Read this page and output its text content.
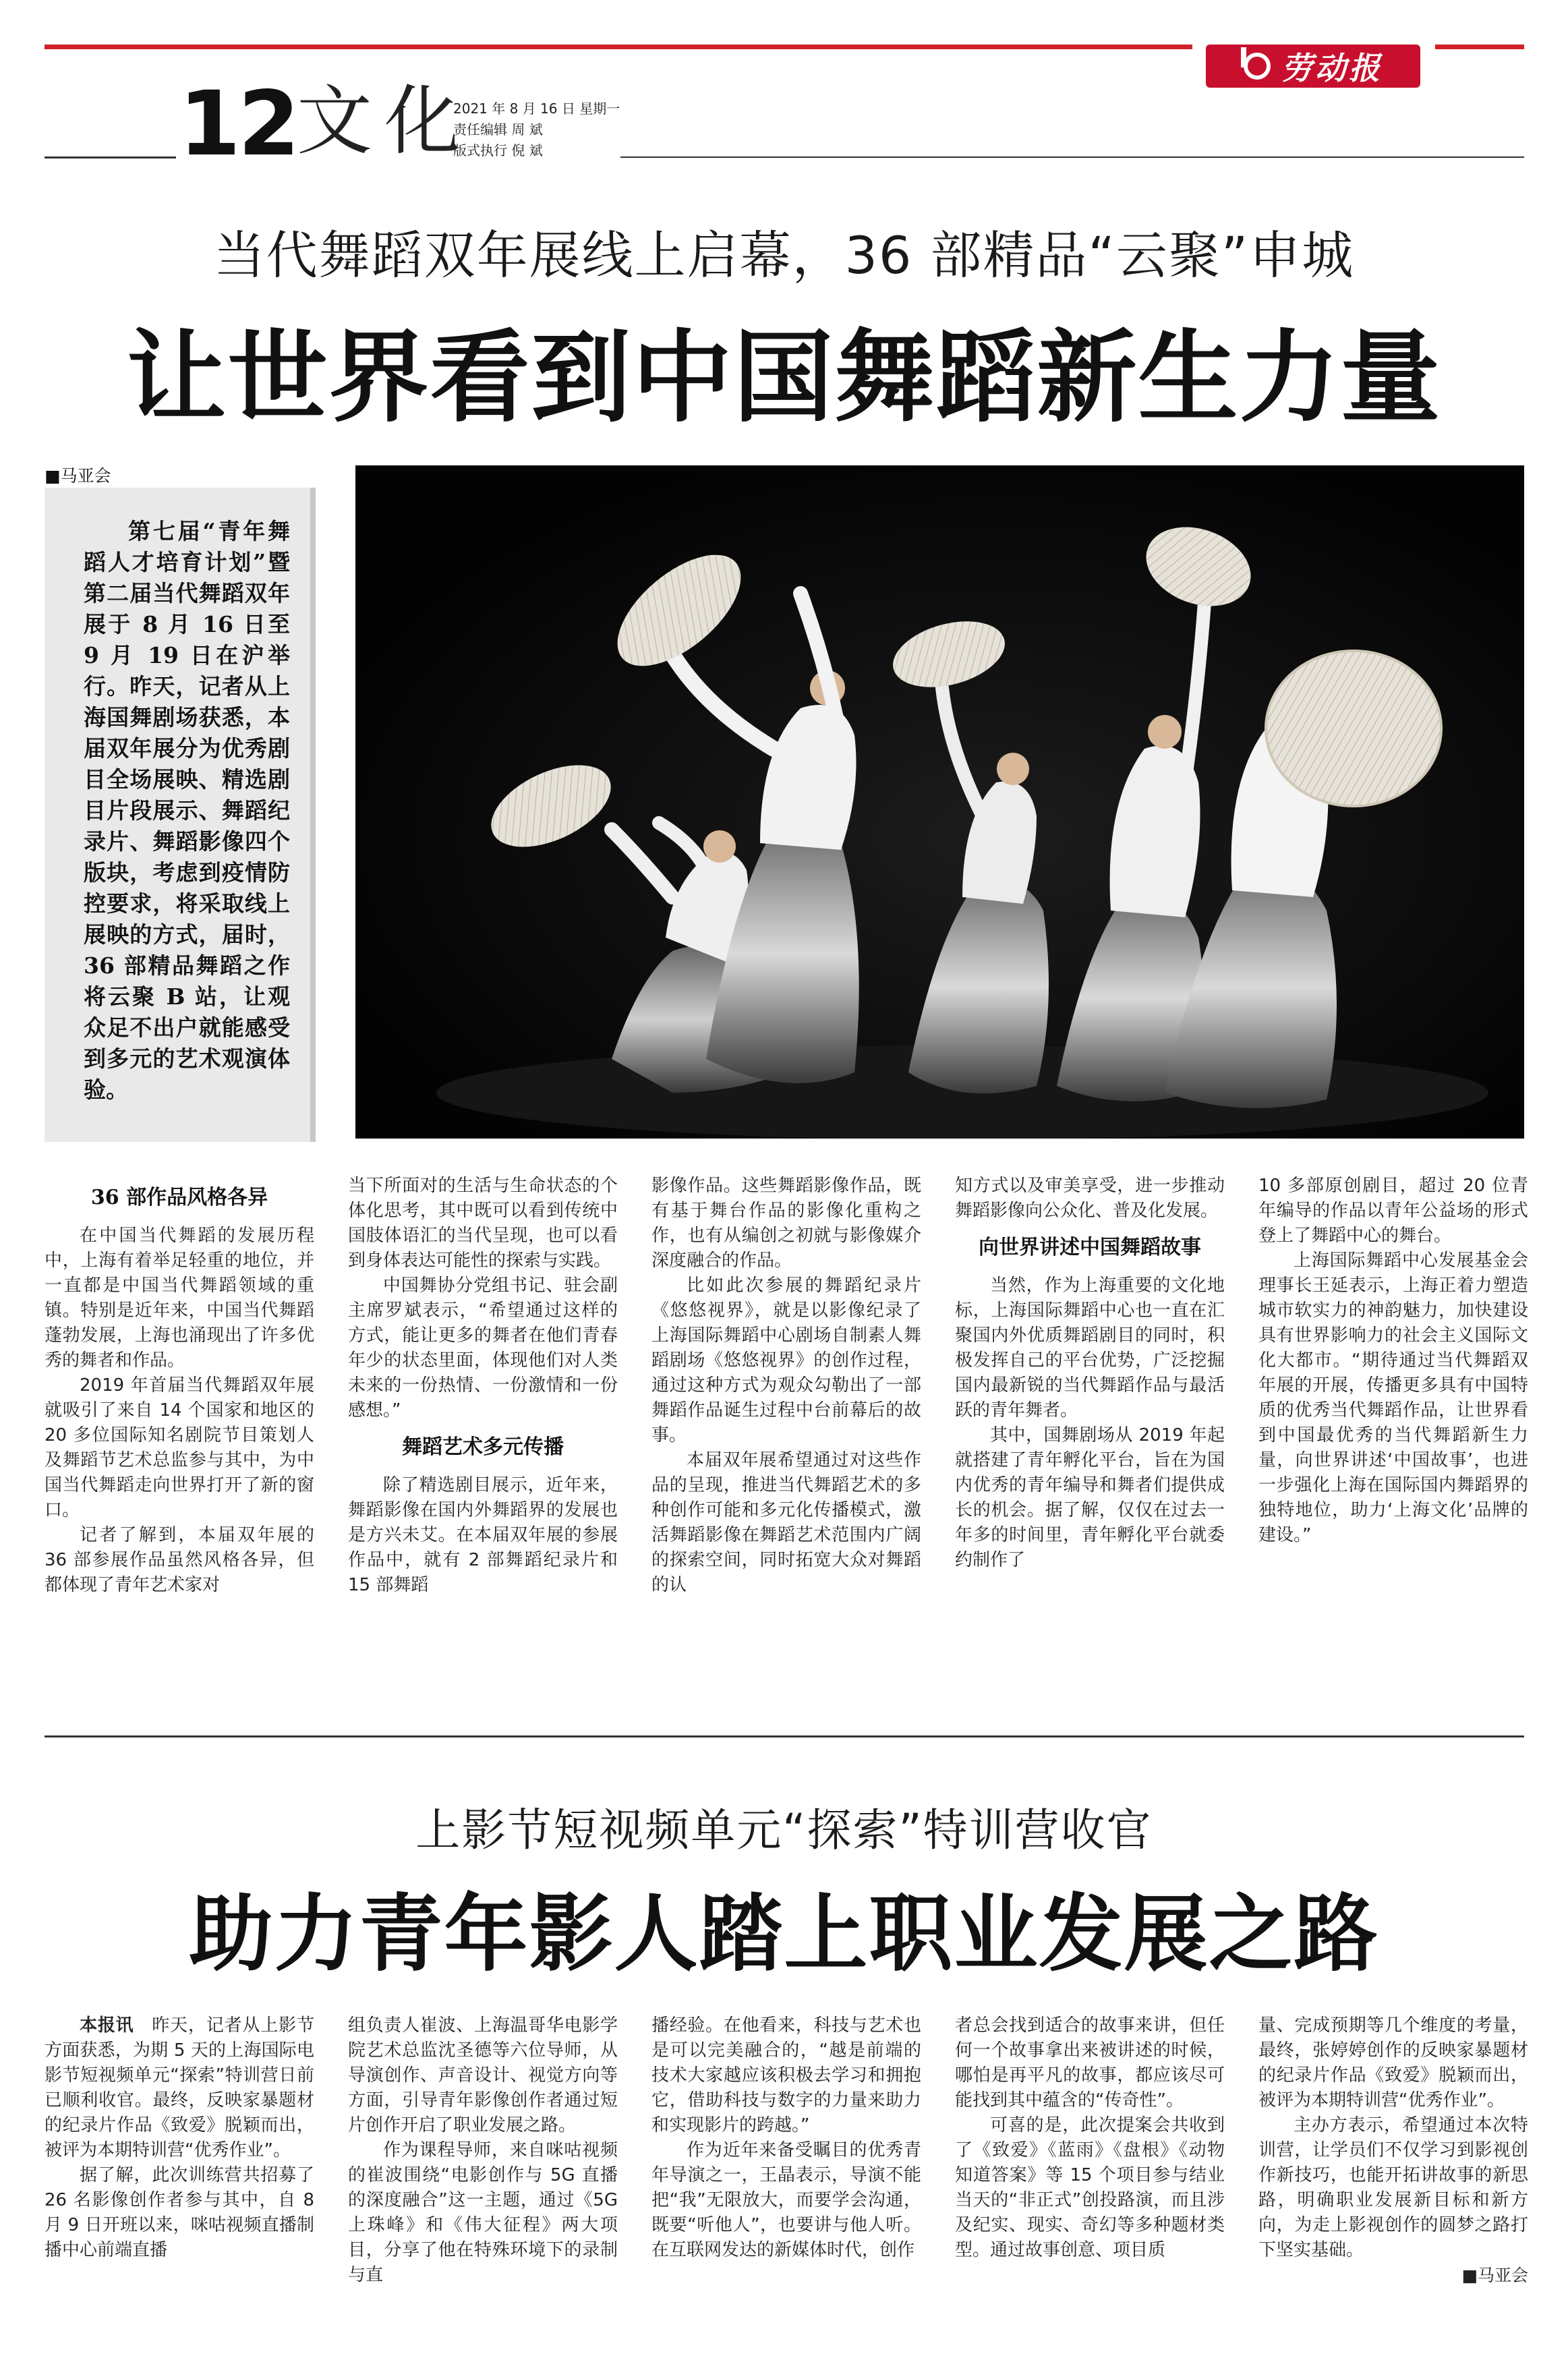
劳动报
12 文化
2021 年 8 月 16 日 星期一
责任编辑 周 斌
版式执行 倪 斌
当代舞蹈双年展线上启幕，36 部精品“云聚”申城
让世界看到中国舞蹈新生力量
■马亚会

第七届“青年舞蹈人才培育计划”暨第二届当代舞蹈双年展于 8 月 16 日至 9 月 19 日在沪举行。昨天，记者从上海国舞剧场获悉，本届双年展分为优秀剧目全场展映、精选剧目片段展示、舞蹈纪录片、舞蹈影像四个版块，考虑到疫情防控要求，将采取线上展映的方式，届时，36 部精品舞蹈之作将云聚 B 站，让观众足不出户就能感受到多元的艺术观演体验。

36 部作品风格各异

在中国当代舞蹈的发展历程中，上海有着举足轻重的地位，并一直都是中国当代舞蹈领域的重镇。特别是近年来，中国当代舞蹈蓬勃发展，上海也涌现出了许多优秀的舞者和作品。

2019 年首届当代舞蹈双年展就吸引了来自 14 个国家和地区的 20 多位国际知名剧院节目策划人及舞蹈节艺术总监参与其中，为中国当代舞蹈走向世界打开了新的窗口。

记者了解到，本届双年展的 36 部参展作品虽然风格各异，但都体现了青年艺术家对

当下所面对的生活与生命状态的个体化思考，其中既可以看到传统中国肢体语汇的当代呈现，也可以看到身体表达可能性的探索与实践。

中国舞协分党组书记、驻会副主席罗斌表示，“希望通过这样的方式，能让更多的舞者在他们青春年少的状态里面，体现他们对人类未来的一份热情、一份激情和一份感想。”

舞蹈艺术多元传播

除了精选剧目展示，近年来，舞蹈影像在国内外舞蹈界的发展也是方兴未艾。在本届双年展的参展作品中，就有 2 部舞蹈纪录片和 15 部舞蹈

影像作品。这些舞蹈影像作品，既有基于舞台作品的影像化重构之作，也有从编创之初就与影像媒介深度融合的作品。

比如此次参展的舞蹈纪录片《悠悠视界》，就是以影像纪录了上海国际舞蹈中心剧场自制素人舞蹈剧场《悠悠视界》的创作过程，通过这种方式为观众勾勒出了一部舞蹈作品诞生过程中台前幕后的故事。

本届双年展希望通过对这些作品的呈现，推进当代舞蹈艺术的多种创作可能和多元化传播模式，激活舞蹈影像在舞蹈艺术范围内广阔的探索空间，同时拓宽大众对舞蹈的认

知方式以及审美享受，进一步推动舞蹈影像向公众化、普及化发展。

向世界讲述中国舞蹈故事

当然，作为上海重要的文化地标，上海国际舞蹈中心也一直在汇聚国内外优质舞蹈剧目的同时，积极发挥自己的平台优势，广泛挖掘国内最新锐的当代舞蹈作品与最活跃的青年舞者。

其中，国舞剧场从 2019 年起就搭建了青年孵化平台，旨在为国内优秀的青年编导和舞者们提供成长的机会。据了解，仅仅在过去一年多的时间里，青年孵化平台就委约制作了

10 多部原创剧目，超过 20 位青年编导的作品以青年公益场的形式登上了舞蹈中心的舞台。

上海国际舞蹈中心发展基金会理事长王延表示，上海正着力塑造城市软实力的神韵魅力，加快建设具有世界影响力的社会主义国际文化大都市。“期待通过当代舞蹈双年展的开展，传播更多具有中国特质的优秀当代舞蹈作品，让世界看到中国最优秀的当代舞蹈新生力量，向世界讲述‘中国故事’，也进一步强化上海在国际国内舞蹈界的独特地位，助力‘上海文化’品牌的建设。”

上影节短视频单元“探索”特训营收官
助力青年影人踏上职业发展之路

本报讯 昨天，记者从上影节方面获悉，为期 5 天的上海国际电影节短视频单元“探索”特训营日前已顺利收官。最终，反映家暴题材的纪录片作品《致爱》脱颖而出，被评为本期特训营“优秀作业”。

据了解，此次训练营共招募了 26 名影像创作者参与其中，自 8 月 9 日开班以来，咪咕视频直播制播中心前端直播

组负责人崔波、上海温哥华电影学院艺术总监沈圣德等六位导师，从导演创作、声音设计、视觉方向等方面，引导青年影像创作者通过短片创作开启了职业发展之路。

作为课程导师，来自咪咕视频的崔波围绕“电影创作与 5G 直播的深度融合”这一主题，通过《5G 上珠峰》和《伟大征程》两大项目，分享了他在特殊环境下的录制与直

播经验。在他看来，科技与艺术也是可以完美融合的，“越是前端的技术大家越应该积极去学习和拥抱它，借助科技与数字的力量来助力和实现影片的跨越。”

作为近年来备受瞩目的优秀青年导演之一，王晶表示，导演不能把“我”无限放大，而要学会沟通，既要“听他人”，也要讲与他人听。在互联网发达的新媒体时代，创作

者总会找到适合的故事来讲，但任何一个故事拿出来被讲述的时候，哪怕是再平凡的故事，都应该尽可能找到其中蕴含的“传奇性”。

可喜的是，此次提案会共收到了《致爱》《蓝雨》《盘根》《动物知道答案》等 15 个项目参与结业当天的“非正式”创投路演，而且涉及纪实、现实、奇幻等多种题材类型。通过故事创意、项目质

量、完成预期等几个维度的考量，最终，张婷婷创作的反映家暴题材的纪录片作品《致爱》脱颖而出，被评为本期特训营“优秀作业”。

主办方表示，希望通过本次特训营，让学员们不仅学习到影视创作新技巧，也能开拓讲故事的新思路，明确职业发展新目标和新方向，为走上影视创作的圆梦之路打下坚实基础。

■马亚会
